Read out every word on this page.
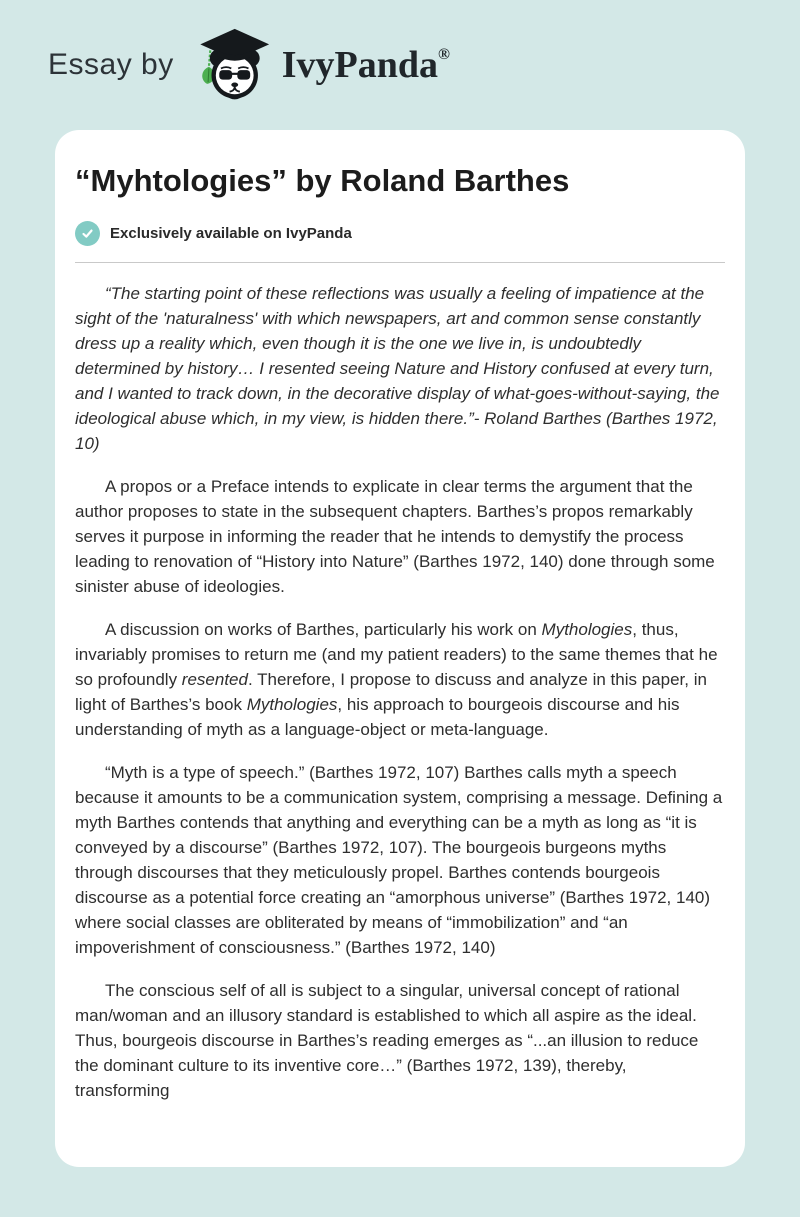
Essay by	IvyPanda®
“Myhtologies” by Roland Barthes
Exclusively available on IvyPanda

“The starting point of these reflections was usually a feeling of impatience at the sight of the 'naturalness' with which newspapers, art and common sense constantly dress up a reality which, even though it is the one we live in, is undoubtedly determined by history… I resented seeing Nature and History confused at every turn, and I wanted to track down, in the decorative display of what-goes-without-saying, the ideological abuse which, in my view, is hidden there.”- Roland Barthes (Barthes 1972, 10)

A propos or a Preface intends to explicate in clear terms the argument that the author proposes to state in the subsequent chapters. Barthes’s propos remarkably serves it purpose in informing the reader that he intends to demystify the process leading to renovation of “History into Nature” (Barthes 1972, 140) done through some sinister abuse of ideologies.

A discussion on works of Barthes, particularly his work on Mythologies, thus, invariably promises to return me (and my patient readers) to the same themes that he so profoundly resented. Therefore, I propose to discuss and analyze in this paper, in light of Barthes’s book Mythologies, his approach to bourgeois discourse and his understanding of myth as a language-object or meta-language.

“Myth is a type of speech.” (Barthes 1972, 107) Barthes calls myth a speech because it amounts to be a communication system, comprising a message. Defining a myth Barthes contends that anything and everything can be a myth as long as “it is conveyed by a discourse” (Barthes 1972, 107). The bourgeois burgeons myths through discourses that they meticulously propel. Barthes contends bourgeois discourse as a potential force creating an “amorphous universe” (Barthes 1972, 140) where social classes are obliterated by means of “immobilization” and “an impoverishment of consciousness.” (Barthes 1972, 140)

The conscious self of all is subject to a singular, universal concept of rational man/woman and an illusory standard is established to which all aspire as the ideal. Thus, bourgeois discourse in Barthes’s reading emerges as “...an illusion to reduce the dominant culture to its inventive core…” (Barthes 1972, 139), thereby, transforming
